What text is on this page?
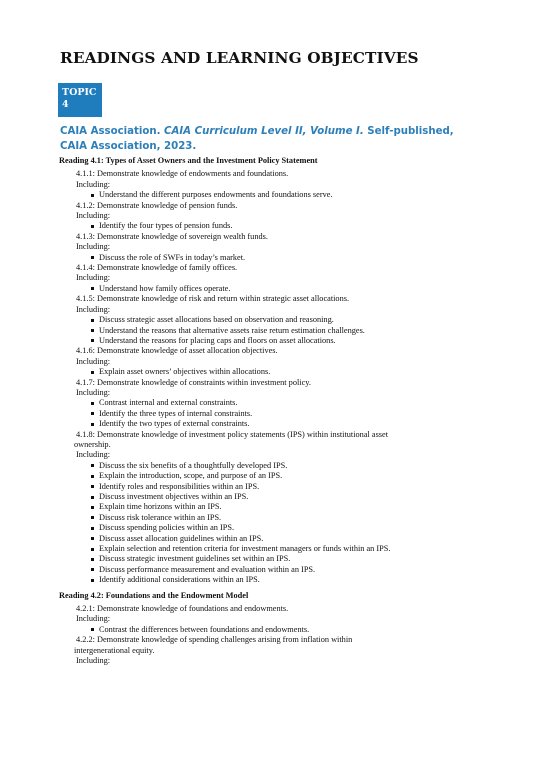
READINGS AND LEARNING OBJECTIVES
TOPIC
4
CAIA Association. CAIA Curriculum Level II, Volume I. Self-published, CAIA Association, 2023.
Reading 4.1: Types of Asset Owners and the Investment Policy Statement
4.1.1: Demonstrate knowledge of endowments and foundations.
Including:
Understand the different purposes endowments and foundations serve.
4.1.2: Demonstrate knowledge of pension funds.
Including:
Identify the four types of pension funds.
4.1.3: Demonstrate knowledge of sovereign wealth funds.
Including:
Discuss the role of SWFs in today’s market.
4.1.4: Demonstrate knowledge of family offices.
Including:
Understand how family offices operate.
4.1.5: Demonstrate knowledge of risk and return within strategic asset allocations.
Including:
Discuss strategic asset allocations based on observation and reasoning.
Understand the reasons that alternative assets raise return estimation challenges.
Understand the reasons for placing caps and floors on asset allocations.
4.1.6: Demonstrate knowledge of asset allocation objectives.
Including:
Explain asset owners’ objectives within allocations.
4.1.7: Demonstrate knowledge of constraints within investment policy.
Including:
Contrast internal and external constraints.
Identify the three types of internal constraints.
Identify the two types of external constraints.
4.1.8: Demonstrate knowledge of investment policy statements (IPS) within institutional asset
ownership.
Including:
Discuss the six benefits of a thoughtfully developed IPS.
Explain the introduction, scope, and purpose of an IPS.
Identify roles and responsibilities within an IPS.
Discuss investment objectives within an IPS.
Explain time horizons within an IPS.
Discuss risk tolerance within an IPS.
Discuss spending policies within an IPS.
Discuss asset allocation guidelines within an IPS.
Explain selection and retention criteria for investment managers or funds within an IPS.
Discuss strategic investment guidelines set within an IPS.
Discuss performance measurement and evaluation within an IPS.
Identify additional considerations within an IPS.
Reading 4.2: Foundations and the Endowment Model
4.2.1: Demonstrate knowledge of foundations and endowments.
Including:
Contrast the differences between foundations and endowments.
4.2.2: Demonstrate knowledge of spending challenges arising from inflation within
intergenerational equity.
Including:
